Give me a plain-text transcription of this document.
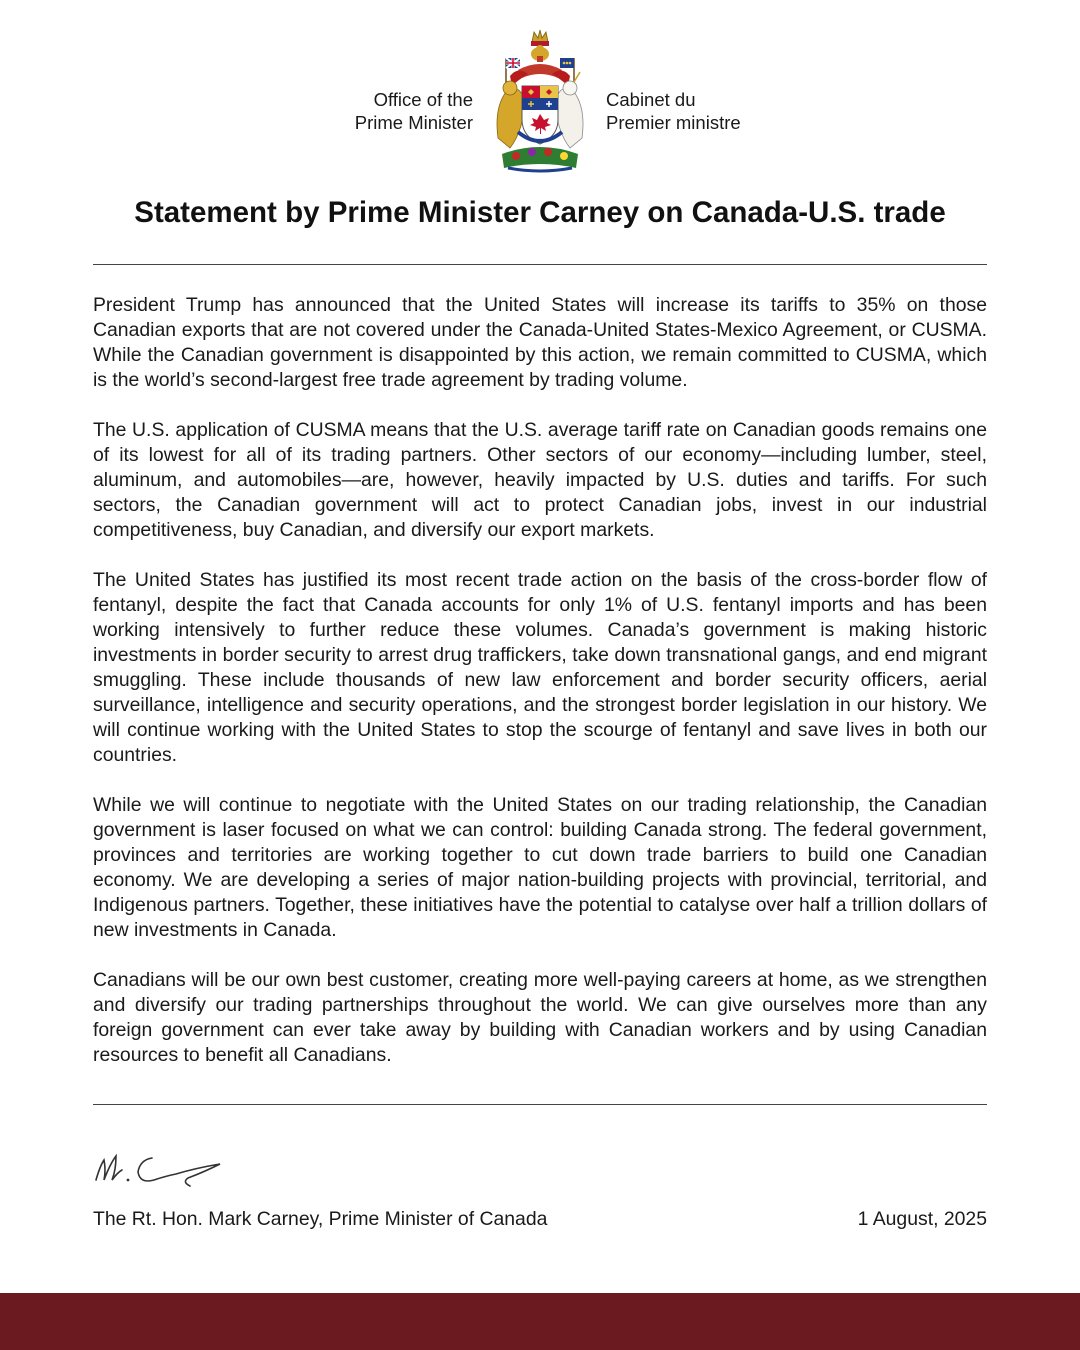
Office of the
Prime Minister
Cabinet du
Premier ministre
Statement by Prime Minister Carney on Canada-U.S. trade

President Trump has announced that the United States will increase its tariffs to 35% on those Canadian exports that are not covered under the Canada-United States-Mexico Agreement, or CUSMA. While the Canadian government is disappointed by this action, we remain committed to CUSMA, which is the world’s second-largest free trade agreement by trading volume.

The U.S. application of CUSMA means that the U.S. average tariff rate on Canadian goods remains one of its lowest for all of its trading partners. Other sectors of our economy—including lumber, steel, aluminum, and automobiles—are, however, heavily impacted by U.S. duties and tariffs. For such sectors, the Canadian government will act to protect Canadian jobs, invest in our industrial competitiveness, buy Canadian, and diversify our export markets.

The United States has justified its most recent trade action on the basis of the cross-border flow of fentanyl, despite the fact that Canada accounts for only 1% of U.S. fentanyl imports and has been working intensively to further reduce these volumes. Canada’s government is making historic investments in border security to arrest drug traffickers, take down transnational gangs, and end migrant smuggling. These include thousands of new law enforcement and border security officers, aerial surveillance, intelligence and security operations, and the strongest border legislation in our history. We will continue working with the United States to stop the scourge of fentanyl and save lives in both our countries.

While we will continue to negotiate with the United States on our trading relationship, the Canadian government is laser focused on what we can control: building Canada strong. The federal government, provinces and territories are working together to cut down trade barriers to build one Canadian economy. We are developing a series of major nation-building projects with provincial, territorial, and Indigenous partners. Together, these initiatives have the potential to catalyse over half a trillion dollars of new investments in Canada.

Canadians will be our own best customer, creating more well-paying careers at home, as we strengthen and diversify our trading partnerships throughout the world. We can give ourselves more than any foreign government can ever take away by building with Canadian workers and by using Canadian resources to benefit all Canadians.

The Rt. Hon. Mark Carney, Prime Minister of Canada	1 August, 2025
